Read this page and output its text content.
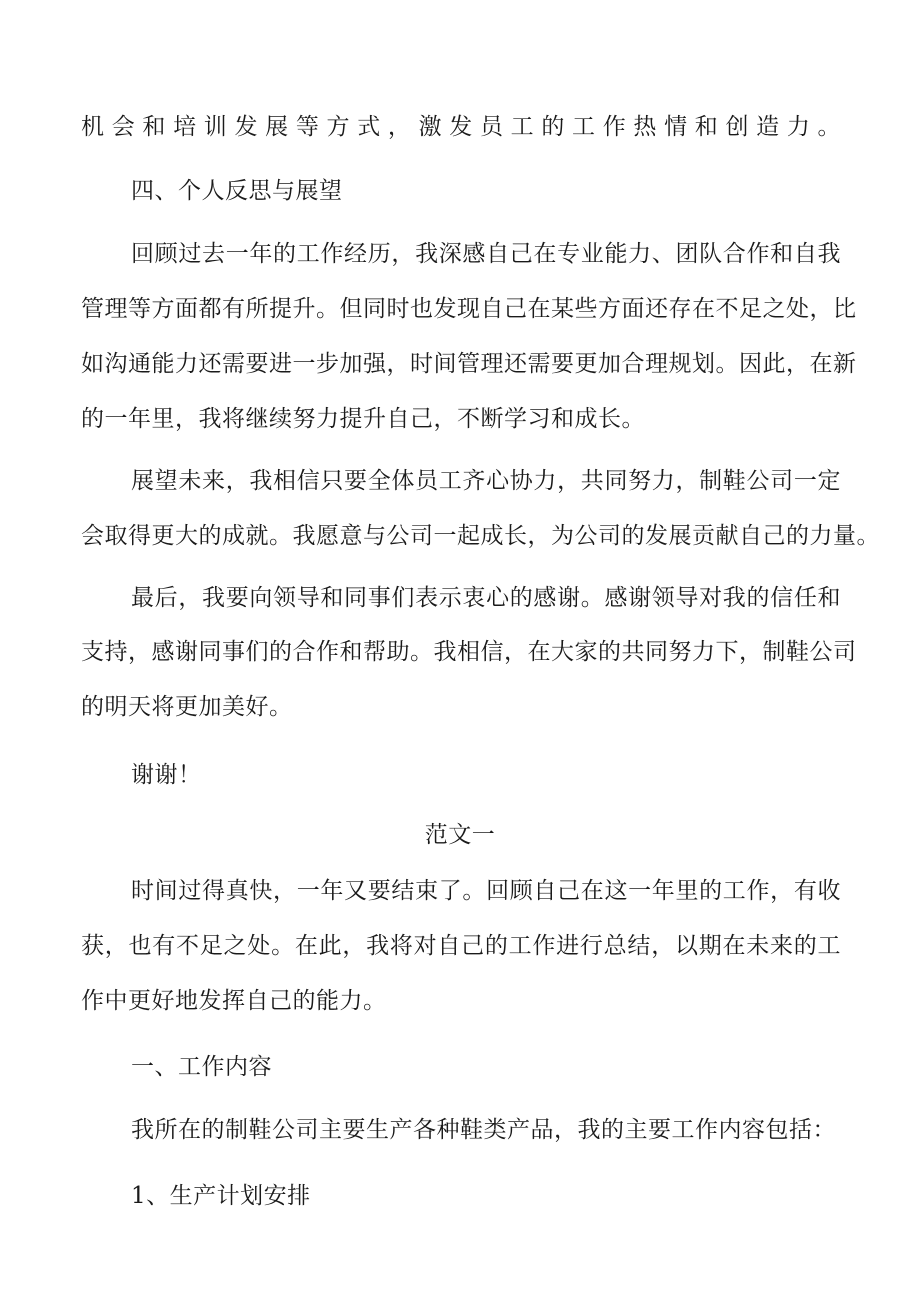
机会和培训发展等方式，激发员工的工作热情和创造力。
四、个人反思与展望
回顾过去一年的工作经历，我深感自己在专业能力、团队合作和自我
管理等方面都有所提升。但同时也发现自己在某些方面还存在不足之处，比
如沟通能力还需要进一步加强，时间管理还需要更加合理规划。因此，在新
的一年里，我将继续努力提升自己，不断学习和成长。
展望未来，我相信只要全体员工齐心协力，共同努力，制鞋公司一定
会取得更大的成就。我愿意与公司一起成长，为公司的发展贡献自己的力量。
最后，我要向领导和同事们表示衷心的感谢。感谢领导对我的信任和
支持，感谢同事们的合作和帮助。我相信，在大家的共同努力下，制鞋公司
的明天将更加美好。
谢谢！
范文一
时间过得真快，一年又要结束了。回顾自己在这一年里的工作，有收
获，也有不足之处。在此，我将对自己的工作进行总结，以期在未来的工
作中更好地发挥自己的能力。
一、工作内容
我所在的制鞋公司主要生产各种鞋类产品，我的主要工作内容包括：
1、生产计划安排
